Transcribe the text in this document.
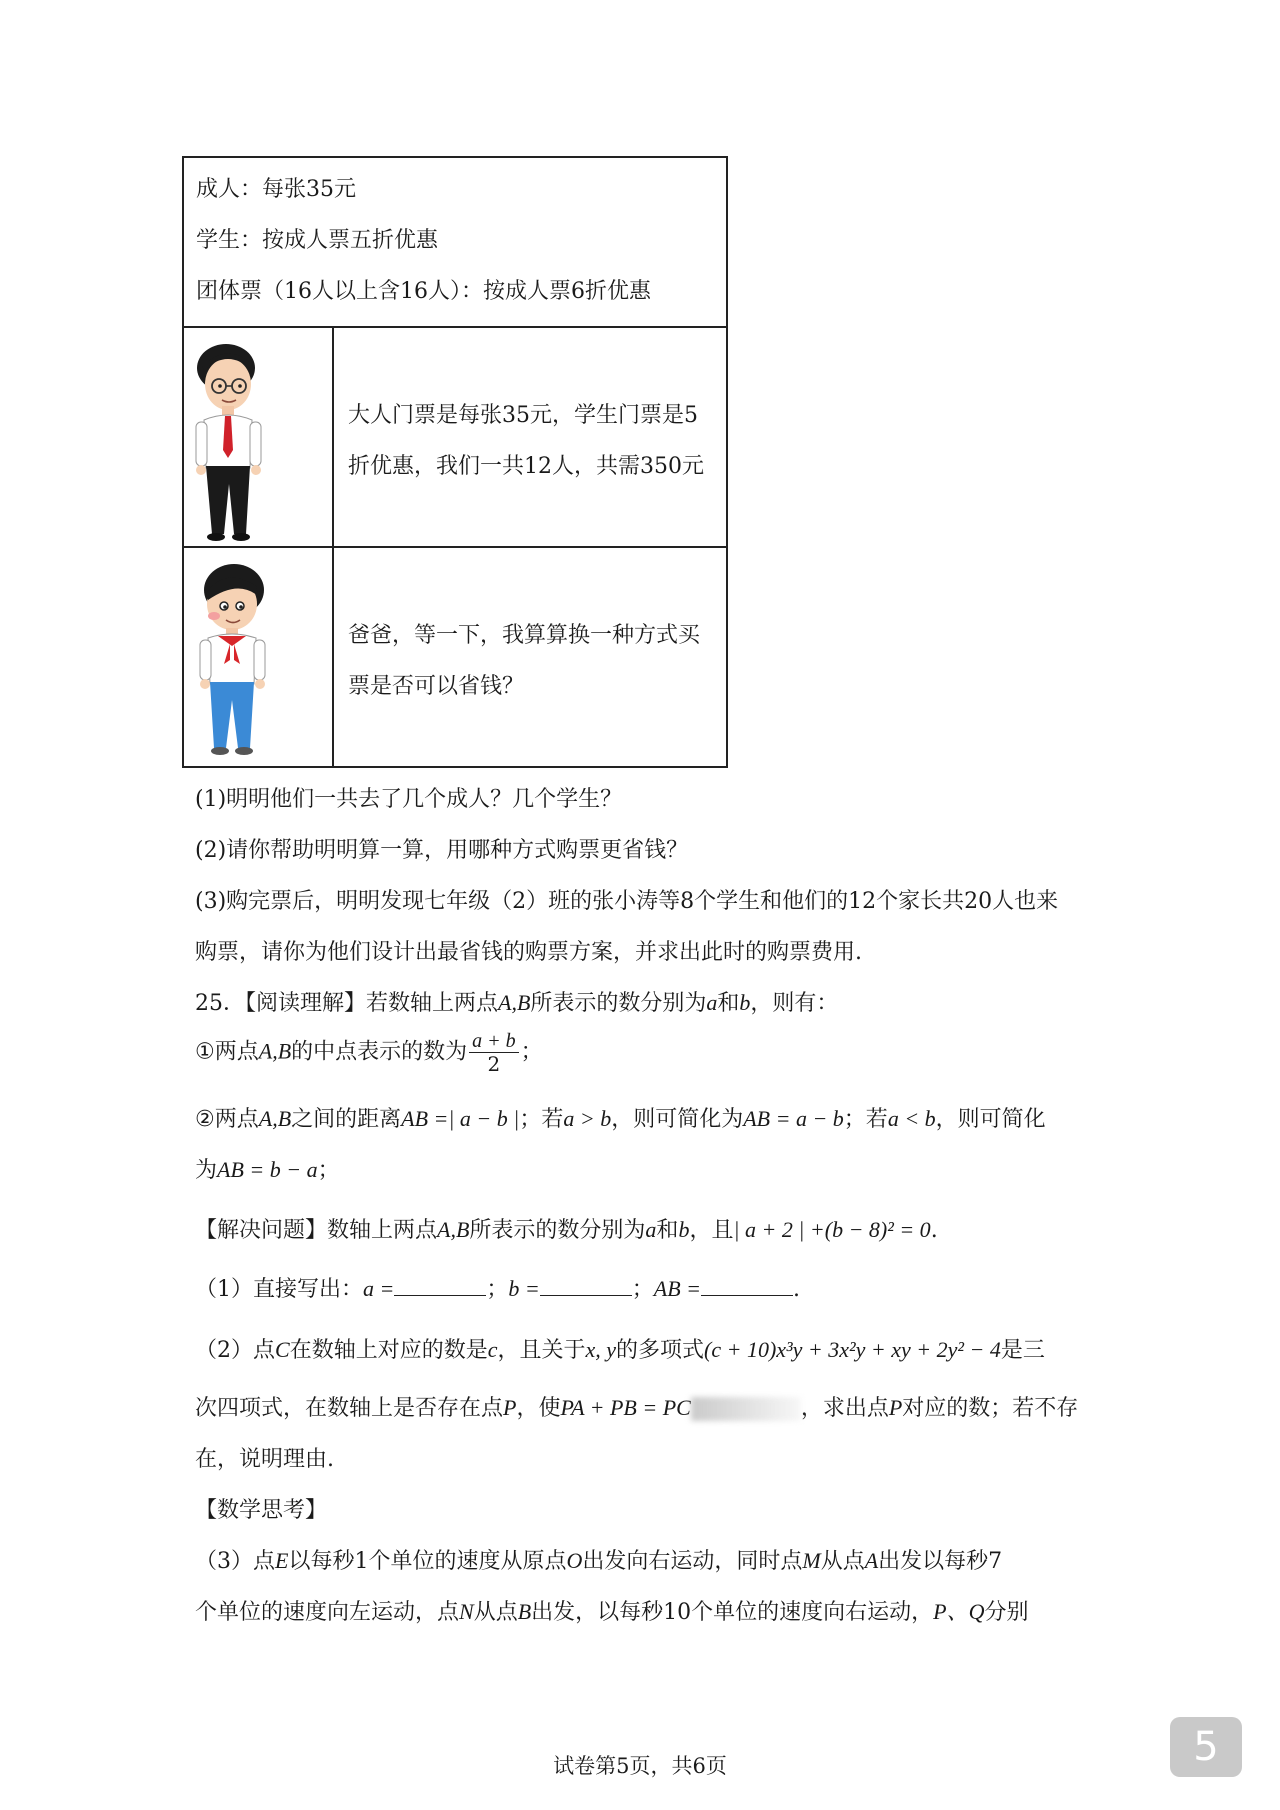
成人：每张35元
学生：按成人票五折优惠
团体票（16人以上含16人）：按成人票6折优惠
大人门票是每张35元，学生门票是5
折优惠，我们一共12人，共需350元
爸爸，等一下，我算算换一种方式买
票是否可以省钱？
(1)明明他们一共去了几个成人？几个学生？
(2)请你帮助明明算一算，用哪种方式购票更省钱？
(3)购完票后，明明发现七年级（2）班的张小涛等8个学生和他们的12个家长共20人也来
购票，请你为他们设计出最省钱的购票方案，并求出此时的购票费用.
25．【阅读理解】若数轴上两点A,B所表示的数分别为a和b，则有：
①两点A,B的中点表示的数为 $\frac{a + b}{2}$ ；
②两点A,B之间的距离AB =| a − b |；若a > b，则可简化为AB = a − b；若a < b，则可简化
为AB = b − a；
【解决问题】数轴上两点A,B所表示的数分别为a和b，且| a + 2 | +(b − 8)² = 0.
（1）直接写出：a =	；b =	；AB =	.
（2）点C在数轴上对应的数是c，且关于x, y的多项式(c + 10)x³y + 3x²y + xy + 2y² − 4是三
次四项式，在数轴上是否存在点P，使PA + PB = PC	，求出点P对应的数；若不存
在，说明理由.
【数学思考】
（3）点E以每秒1个单位的速度从原点O出发向右运动，同时点M从点A出发以每秒7
个单位的速度向左运动，点N从点B出发，以每秒10个单位的速度向右运动，P、Q分别
试卷第5页，共6页	5
